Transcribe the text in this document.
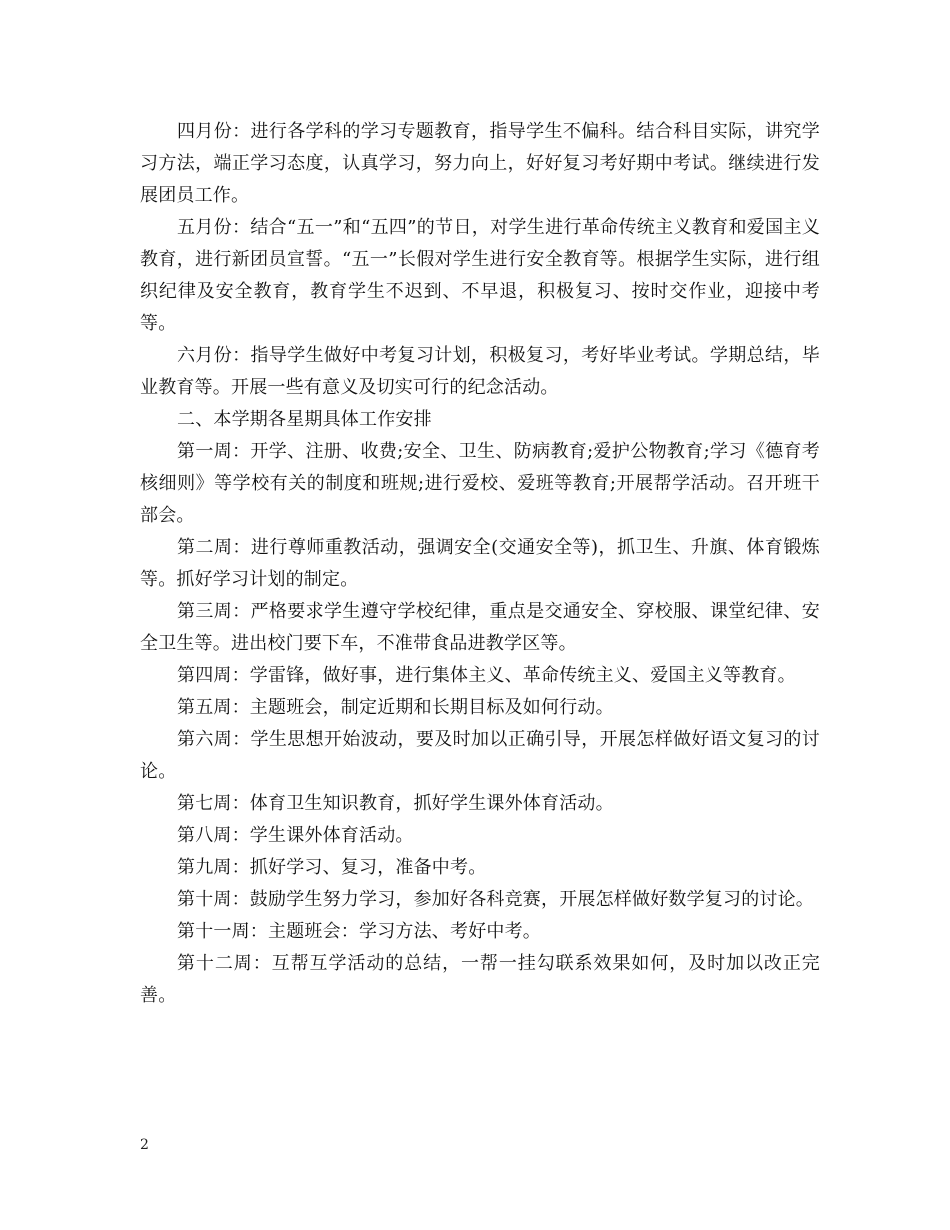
四月份：进行各学科的学习专题教育，指导学生不偏科。结合科目实际，讲究学习方法，端正学习态度，认真学习，努力向上，好好复习考好期中考试。继续进行发展团员工作。

五月份：结合“五一”和“五四”的节日，对学生进行革命传统主义教育和爱国主义教育，进行新团员宣誓。“五一”长假对学生进行安全教育等。根据学生实际，进行组织纪律及安全教育，教育学生不迟到、不早退，积极复习、按时交作业，迎接中考等。

六月份：指导学生做好中考复习计划，积极复习，考好毕业考试。学期总结，毕业教育等。开展一些有意义及切实可行的纪念活动。

二、本学期各星期具体工作安排

第一周：开学、注册、收费;安全、卫生、防病教育;爱护公物教育;学习《德育考核细则》等学校有关的制度和班规;进行爱校、爱班等教育;开展帮学活动。召开班干部会。

第二周：进行尊师重教活动，强调安全(交通安全等)，抓卫生、升旗、体育锻炼等。抓好学习计划的制定。

第三周：严格要求学生遵守学校纪律，重点是交通安全、穿校服、课堂纪律、安全卫生等。进出校门要下车，不准带食品进教学区等。

第四周：学雷锋，做好事，进行集体主义、革命传统主义、爱国主义等教育。

第五周：主题班会，制定近期和长期目标及如何行动。

第六周：学生思想开始波动，要及时加以正确引导，开展怎样做好语文复习的讨论。

第七周：体育卫生知识教育，抓好学生课外体育活动。

第八周：学生课外体育活动。

第九周：抓好学习、复习，准备中考。

第十周：鼓励学生努力学习，参加好各科竞赛，开展怎样做好数学复习的讨论。

第十一周：主题班会：学习方法、考好中考。

第十二周：互帮互学活动的总结，一帮一挂勾联系效果如何，及时加以改正完善。

2
